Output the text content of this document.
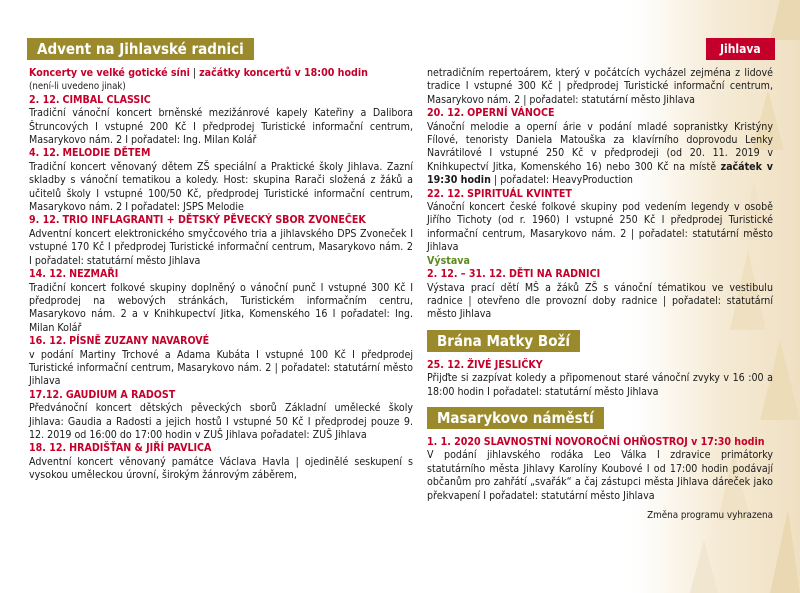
Advent na Jihlavské radnici	Jihlava

Koncerty ve velké gotické síni | začátky koncertů v 18:00 hodin

(není-li uvedeno jinak)

2. 12. CIMBAL CLASSIC

Tradiční vánoční koncert brněnské mezižánrové kapely Kateřiny a Dalibora Štruncových I vstupné 200 Kč I předprodej Turistické informační centrum, Masarykovo nám. 2 I pořadatel: Ing. Milan Kolář

4. 12. MELODIE DĚTEM

Tradiční koncert věnovaný dětem ZŠ speciální a Praktické školy Jihlava. Zazní skladby s vánoční tematikou a koledy. Host: skupina Rarači složená z žáků a učitelů školy I vstupné 100/50 Kč, předprodej Turistické informační centrum, Masarykovo nám. 2 I pořadatel: JSPS Melodie

9. 12. TRIO INFLAGRANTI + DĚTSKÝ PĚVECKÝ SBOR ZVONEČEK

Adventní koncert elektronického smyčcového tria a jihlavského DPS Zvoneček I vstupné 170 Kč I předprodej Turistické informační centrum, Masarykovo nám. 2 I pořadatel: statutární město Jihlava

14. 12. NEZMAŘI

Tradiční koncert folkové skupiny doplněný o vánoční punč I vstupné 300 Kč I předprodej na webových stránkách, Turistickém informačním centru, Masarykovo nám. 2 a v Knihkupectví Jitka, Komenského 16 I pořadatel: Ing. Milan Kolář

16. 12. PÍSNĚ ZUZANY NAVAROVÉ

v podání Martiny Trchové a Adama Kubáta I vstupné 100 Kč I předprodej Turistické informační centrum, Masarykovo nám. 2 | pořadatel: statutární město Jihlava

17.12. GAUDIUM A RADOST

Předvánoční koncert dětských pěveckých sborů Základní umělecké školy Jihlava: Gaudia a Radosti a jejich hostů I vstupné 50 Kč I předprodej pouze 9. 12. 2019 od 16:00 do 17:00 hodin v ZUŠ Jihlava pořadatel: ZUŠ Jihlava

18. 12. HRADIŠŤAN & JIŘÍ PAVLICA

Adventní koncert věnovaný památce Václava Havla | ojedinělé seskupení s vysokou uměleckou úrovní, širokým žánrovým záběrem,

netradičním repertoárem, který v počátcích vycházel zejména z lidové tradice I vstupné 300 Kč | předprodej Turistické informační centrum, Masarykovo nám. 2 | pořadatel: statutární město Jihlava

20. 12. OPERNÍ VÁNOCE

Vánoční melodie a operní árie v podání mladé sopranistky Kristýny Fílové, tenoristy Daniela Matouška za klavírního doprovodu Lenky Navrátilové I vstupné 250 Kč v předprodeji (od 20. 11. 2019 v Knihkupectví Jitka, Komenského 16) nebo 300 Kč na místě začátek v 19:30 hodin | pořadatel: HeavyProduction

22. 12. SPIRITUÁL KVINTET

Vánoční koncert české folkové skupiny pod vedením legendy v osobě Jiřího Tichoty (od r. 1960) I vstupné 250 Kč I předprodej Turistické informační centrum, Masarykovo nám. 2 | pořadatel: statutární město Jihlava

Výstava
2. 12. – 31. 12. DĚTI NA RADNICI

Výstava prací dětí MŠ a žáků ZŠ s vánoční tématikou ve vestibulu radnice | otevřeno dle provozní doby radnice | pořadatel: statutární město Jihlava

Brána Matky Boží
25. 12. ŽIVÉ JESLIČKY

Přijďte si zazpívat koledy a připomenout staré vánoční zvyky v 16 :00 a 18:00 hodin I pořadatel: statutární město Jihlava

Masarykovo náměstí
1. 1. 2020 SLAVNOSTNÍ NOVOROČNÍ OHŇOSTROJ v 17:30 hodin

V podání jihlavského rodáka Leo Válka I zdravice primátorky statutárního města Jihlavy Karolíny Koubové I od 17:00 hodin podávají občanům pro zahřátí „svařák“ a čaj zástupci města Jihlava dáreček jako překvapení I pořadatel: statutární město Jihlava

Změna programu vyhrazena
